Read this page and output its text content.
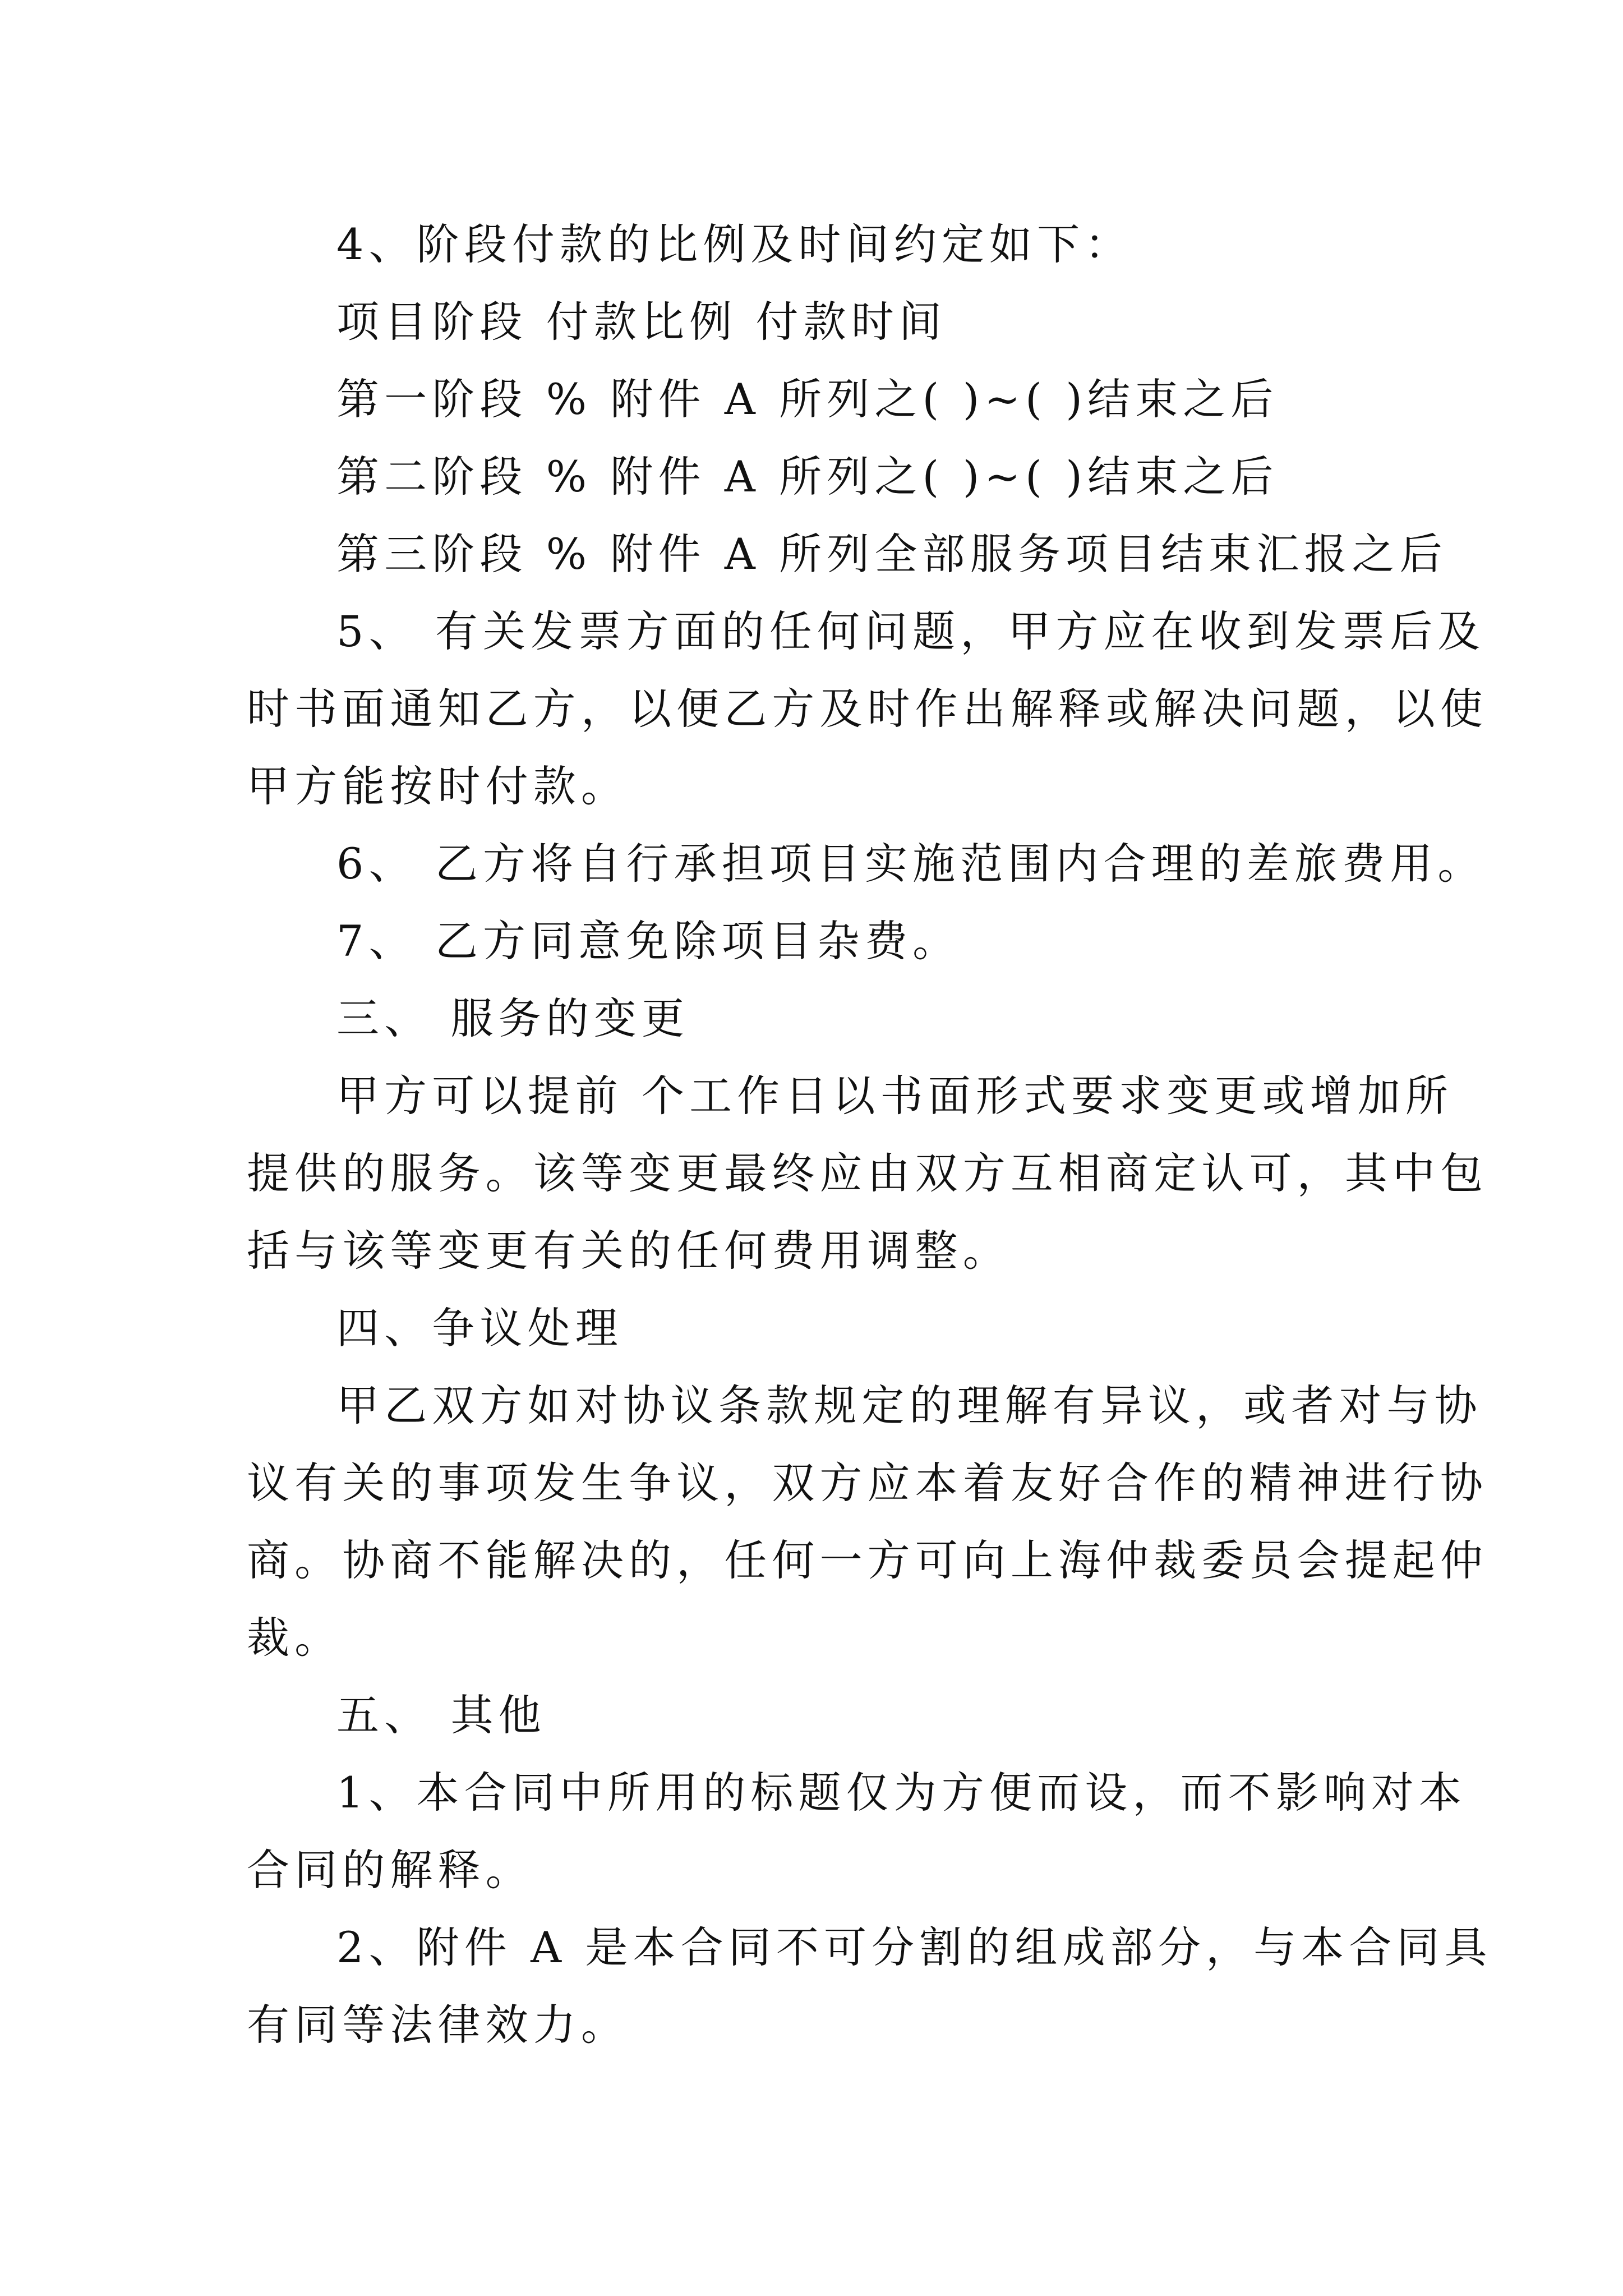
4、阶段付款的比例及时间约定如下：
项目阶段 付款比例 付款时间
第一阶段 % 附件 A 所列之( )~( )结束之后
第二阶段 % 附件 A 所列之( )~( )结束之后
第三阶段 % 附件 A 所列全部服务项目结束汇报之后
5、 有关发票方面的任何问题，甲方应在收到发票后及
时书面通知乙方，以便乙方及时作出解释或解决问题，以使
甲方能按时付款。
6、 乙方将自行承担项目实施范围内合理的差旅费用。
7、 乙方同意免除项目杂费。
三、 服务的变更
甲方可以提前 个工作日以书面形式要求变更或增加所
提供的服务。该等变更最终应由双方互相商定认可，其中包
括与该等变更有关的任何费用调整。
四、争议处理
甲乙双方如对协议条款规定的理解有异议，或者对与协
议有关的事项发生争议，双方应本着友好合作的精神进行协
商。协商不能解决的，任何一方可向上海仲裁委员会提起仲
裁。
五、 其他
1、本合同中所用的标题仅为方便而设，而不影响对本
合同的解释。
2、附件 A 是本合同不可分割的组成部分，与本合同具
有同等法律效力。
